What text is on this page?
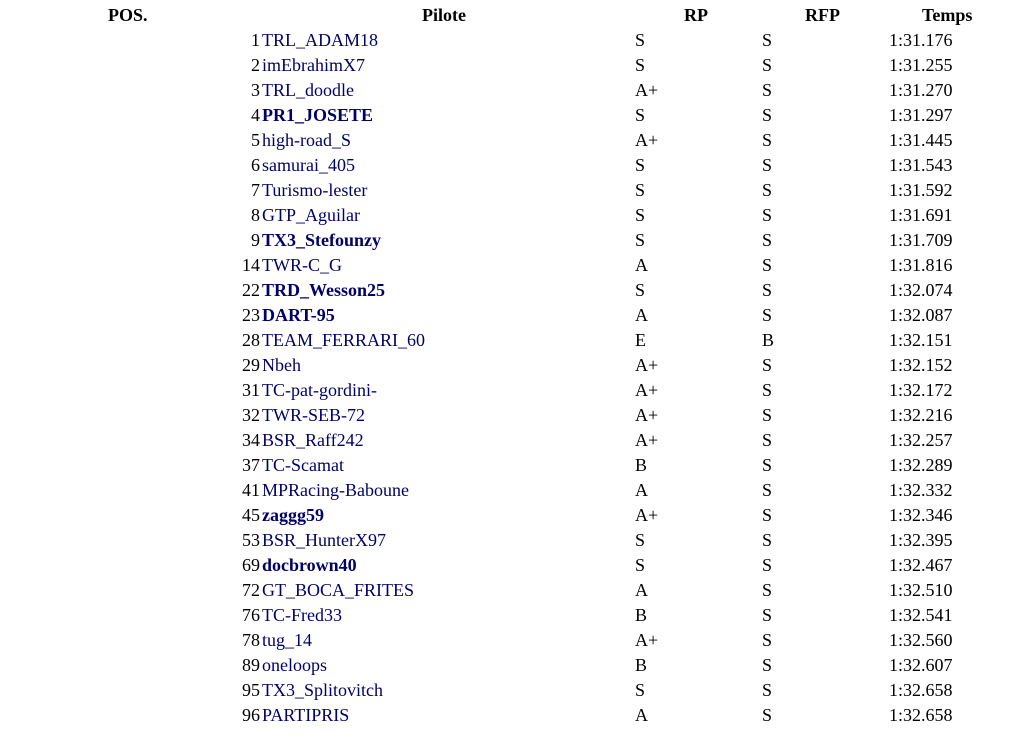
POS.	Pilote	RP	RFP	Temps
1 TRL_ADAM18	S	S	1:31.176
2 imEbrahimX7	S	S	1:31.255
3 TRL_doodle	A+	S	1:31.270
4 PR1_JOSETE	S	S	1:31.297
5 high-road_S	A+	S	1:31.445
6 samurai_405	S	S	1:31.543
7 Turismo-lester	S	S	1:31.592
8 GTP_Aguilar	S	S	1:31.691
9 TX3_Stefounzy	S	S	1:31.709
14 TWR-C_G	A	S	1:31.816
22 TRD_Wesson25	S	S	1:32.074
23 DART-95	A	S	1:32.087
28 TEAM_FERRARI_60	E	B	1:32.151
29 Nbeh	A+	S	1:32.152
31 TC-pat-gordini-	A+	S	1:32.172
32 TWR-SEB-72	A+	S	1:32.216
34 BSR_Raff242	A+	S	1:32.257
37 TC-Scamat	B	S	1:32.289
41 MPRacing-Baboune	A	S	1:32.332
45 zaggg59	A+	S	1:32.346
53 BSR_HunterX97	S	S	1:32.395
69 docbrown40	S	S	1:32.467
72 GT_BOCA_FRITES	A	S	1:32.510
76 TC-Fred33	B	S	1:32.541
78 tug_14	A+	S	1:32.560
89 oneloops	B	S	1:32.607
95 TX3_Splitovitch	S	S	1:32.658
96 PARTIPRIS	A	S	1:32.658
